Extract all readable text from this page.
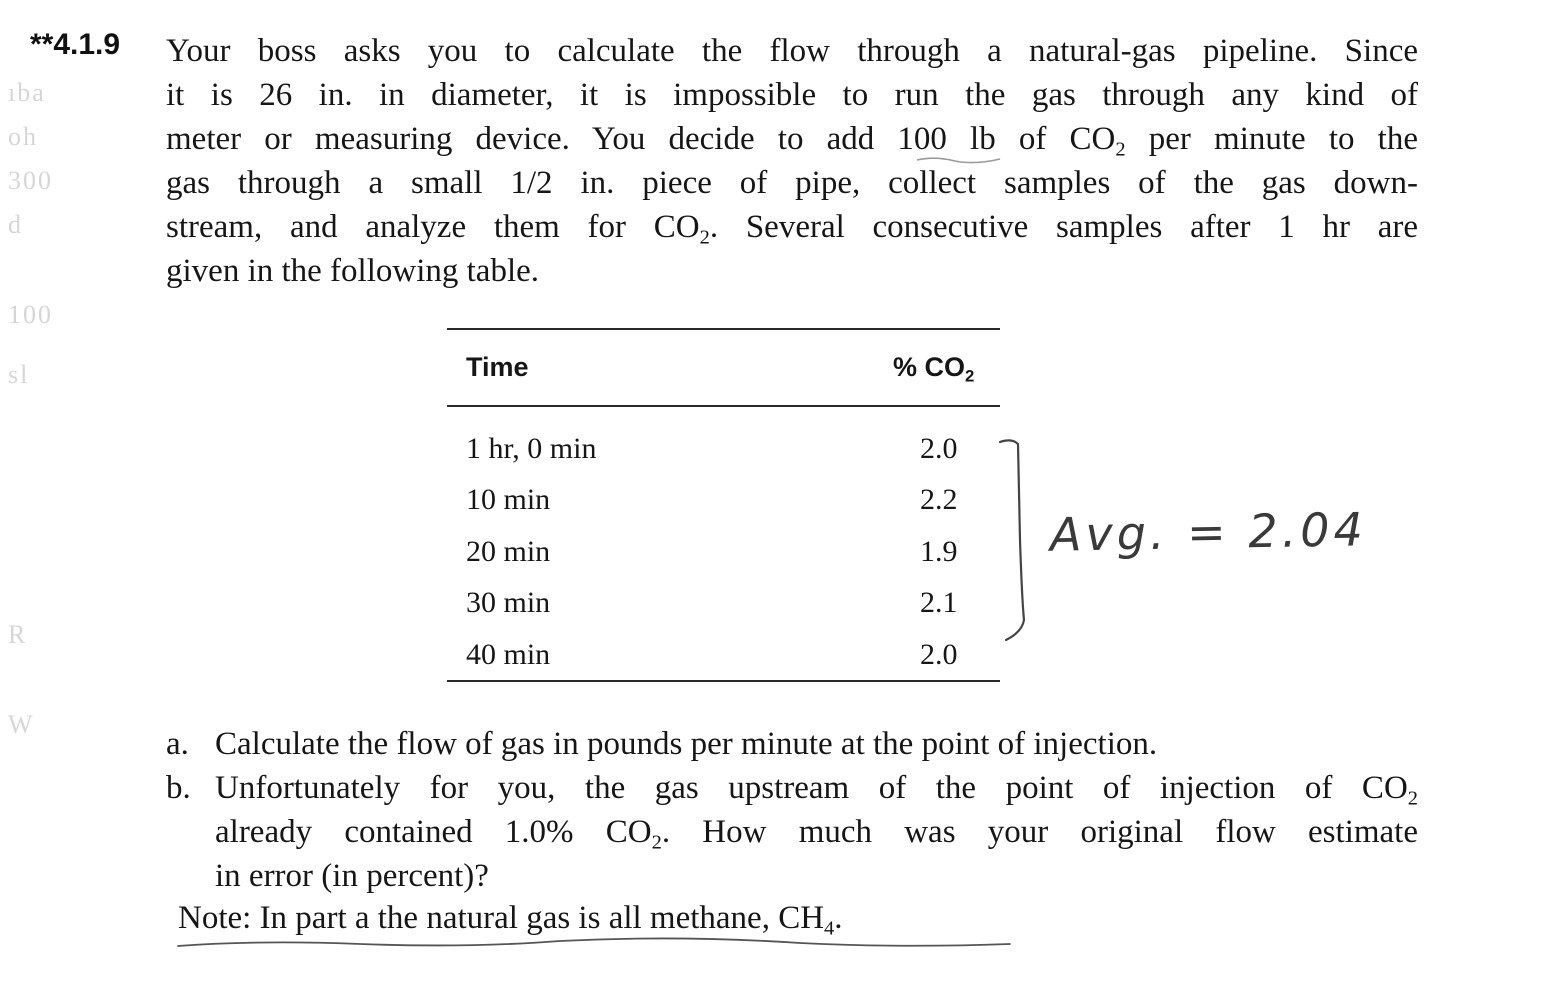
ıba
oh
300
d
100
sl
R
W
**4.1.9 Your boss asks you to calculate the flow through a natural-gas pipeline. Since
it is 26 in. in diameter, it is impossible to run the gas through any kind of
meter or measuring device. You decide to add 100 lb of $CO_2$ per minute to the
gas through a small 1/2 in. piece of pipe, collect samples of the gas down-
stream, and analyze them for $CO_2$. Several consecutive samples after 1 hr are
given in the following table.
Time	% $CO_2$
1 hr, 0 min	2.0
10 min	2.2
20 min	1.9
30 min	2.1
40 min	2.0
Avg. = 2.04
a. Calculate the flow of gas in pounds per minute at the point of injection.
b. Unfortunately for you, the gas upstream of the point of injection of $CO_2$
already contained 1.0% $CO_2$. How much was your original flow estimate
in error (in percent)?
Note: In part a the natural gas is all methane, $CH_4$.
